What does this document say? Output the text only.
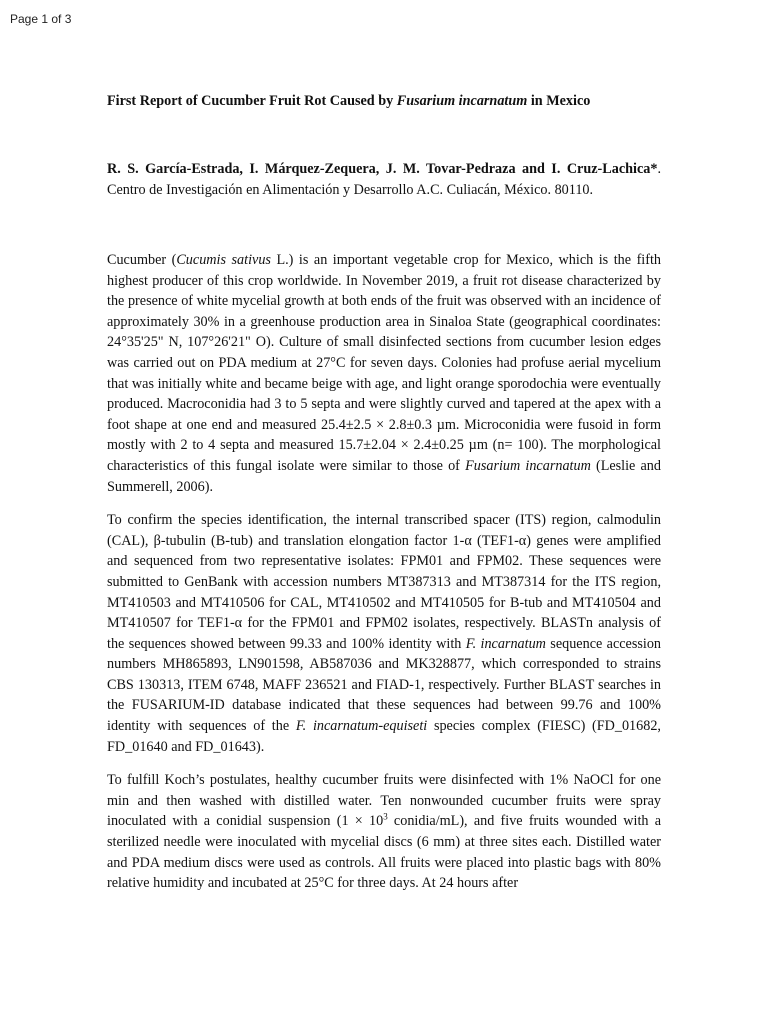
Page 1 of 3

First Report of Cucumber Fruit Rot Caused by Fusarium incarnatum in Mexico

R. S. García-Estrada, I. Márquez-Zequera, J. M. Tovar-Pedraza and I. Cruz-Lachica*. Centro de Investigación en Alimentación y Desarrollo A.C. Culiacán, México. 80110.

Cucumber (Cucumis sativus L.) is an important vegetable crop for Mexico, which is the fifth highest producer of this crop worldwide. In November 2019, a fruit rot disease characterized by the presence of white mycelial growth at both ends of the fruit was observed with an incidence of approximately 30% in a greenhouse production area in Sinaloa State (geographical coordinates: 24°35'25" N, 107°26'21" O). Culture of small disinfected sections from cucumber lesion edges was carried out on PDA medium at 27°C for seven days. Colonies had profuse aerial mycelium that was initially white and became beige with age, and light orange sporodochia were eventually produced. Macroconidia had 3 to 5 septa and were slightly curved and tapered at the apex with a foot shape at one end and measured 25.4±2.5 × 2.8±0.3 µm. Microconidia were fusoid in form mostly with 2 to 4 septa and measured 15.7±2.04 × 2.4±0.25 µm (n= 100). The morphological characteristics of this fungal isolate were similar to those of Fusarium incarnatum (Leslie and Summerell, 2006).

To confirm the species identification, the internal transcribed spacer (ITS) region, calmodulin (CAL), β-tubulin (B-tub) and translation elongation factor 1-α (TEF1-α) genes were amplified and sequenced from two representative isolates: FPM01 and FPM02. These sequences were submitted to GenBank with accession numbers MT387313 and MT387314 for the ITS region, MT410503 and MT410506 for CAL, MT410502 and MT410505 for B-tub and MT410504 and MT410507 for TEF1-α for the FPM01 and FPM02 isolates, respectively. BLASTn analysis of the sequences showed between 99.33 and 100% identity with F. incarnatum sequence accession numbers MH865893, LN901598, AB587036 and MK328877, which corresponded to strains CBS 130313, ITEM 6748, MAFF 236521 and FIAD-1, respectively. Further BLAST searches in the FUSARIUM-ID database indicated that these sequences had between 99.76 and 100% identity with sequences of the F. incarnatum-equiseti species complex (FIESC) (FD_01682, FD_01640 and FD_01643).

To fulfill Koch’s postulates, healthy cucumber fruits were disinfected with 1% NaOCl for one min and then washed with distilled water. Ten nonwounded cucumber fruits were spray inoculated with a conidial suspension ($1 \times 10^3$ conidia/mL), and five fruits wounded with a sterilized needle were inoculated with mycelial discs (6 mm) at three sites each. Distilled water and PDA medium discs were used as controls. All fruits were placed into plastic bags with 80% relative humidity and incubated at 25°C for three days. At 24 hours after
